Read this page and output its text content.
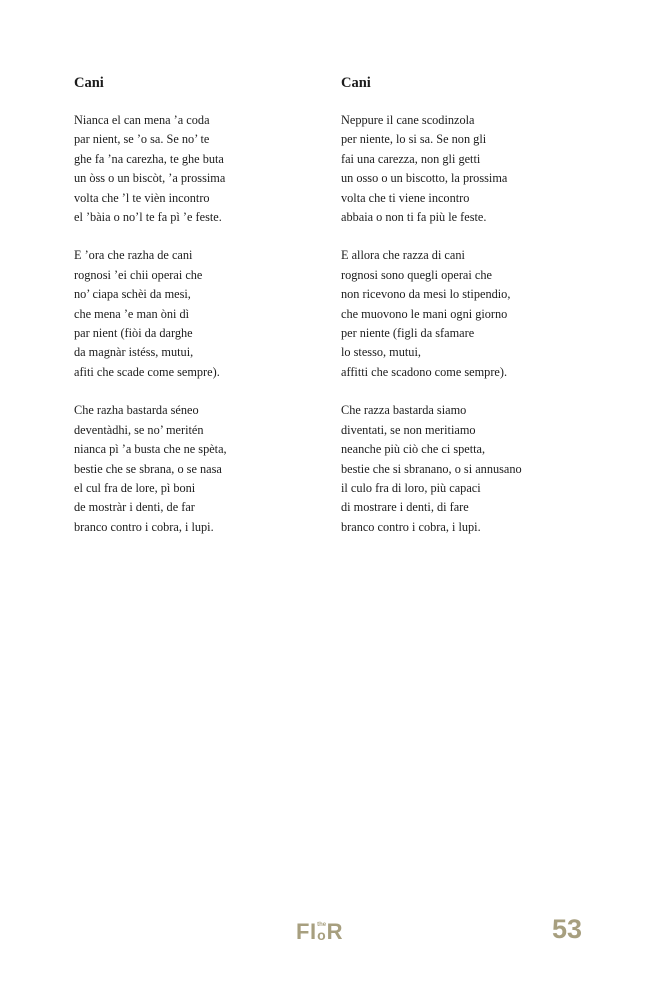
Cani
Nianca el can mena ’a coda
par nient, se ’o sa. Se no’ te
ghe fa ’na carezha, te ghe buta
un òss o un biscòt, ’a prossima
volta che ’l te vièn incontro
el ’bàia o no’l te fa pì ’e feste.
E ’ora che razha de cani
rognosi ’ei chii operai che
no’ ciapa schèi da mesi,
che mena ’e man òni dì
par nient (fiòi da darghe
da magnàr istéss, mutui,
afiti che scade come sempre).
Che razha bastarda séneo
deventàdhi, se no’ meritén
nianca pì ’a busta che ne spèta,
bestie che se sbrana, o se nasa
el cul fra de lore, pì boni
de mostràr i denti, de far
branco contro i cobra, i lupi.
Cani
Neppure il cane scodinzola
per niente, lo si sa. Se non gli
fai una carezza, non gli getti
un osso o un biscotto, la prossima
volta che ti viene incontro
abbaia o non ti fa più le feste.
E allora che razza di cani
rognosi sono quegli operai che
non ricevono da mesi lo stipendio,
che muovono le mani ogni giorno
per niente (figli da sfamare
lo stesso, mutui,
affitti che scadono come sempre).
Che razza bastarda siamo
diventati, se non meritiamo
neanche più ciò che ci spetta,
bestie che si sbranano, o si annusano
il culo fra di loro, più capaci
di mostrare i denti, di fare
branco contro i cobra, i lupi.
FI the
o R	53
